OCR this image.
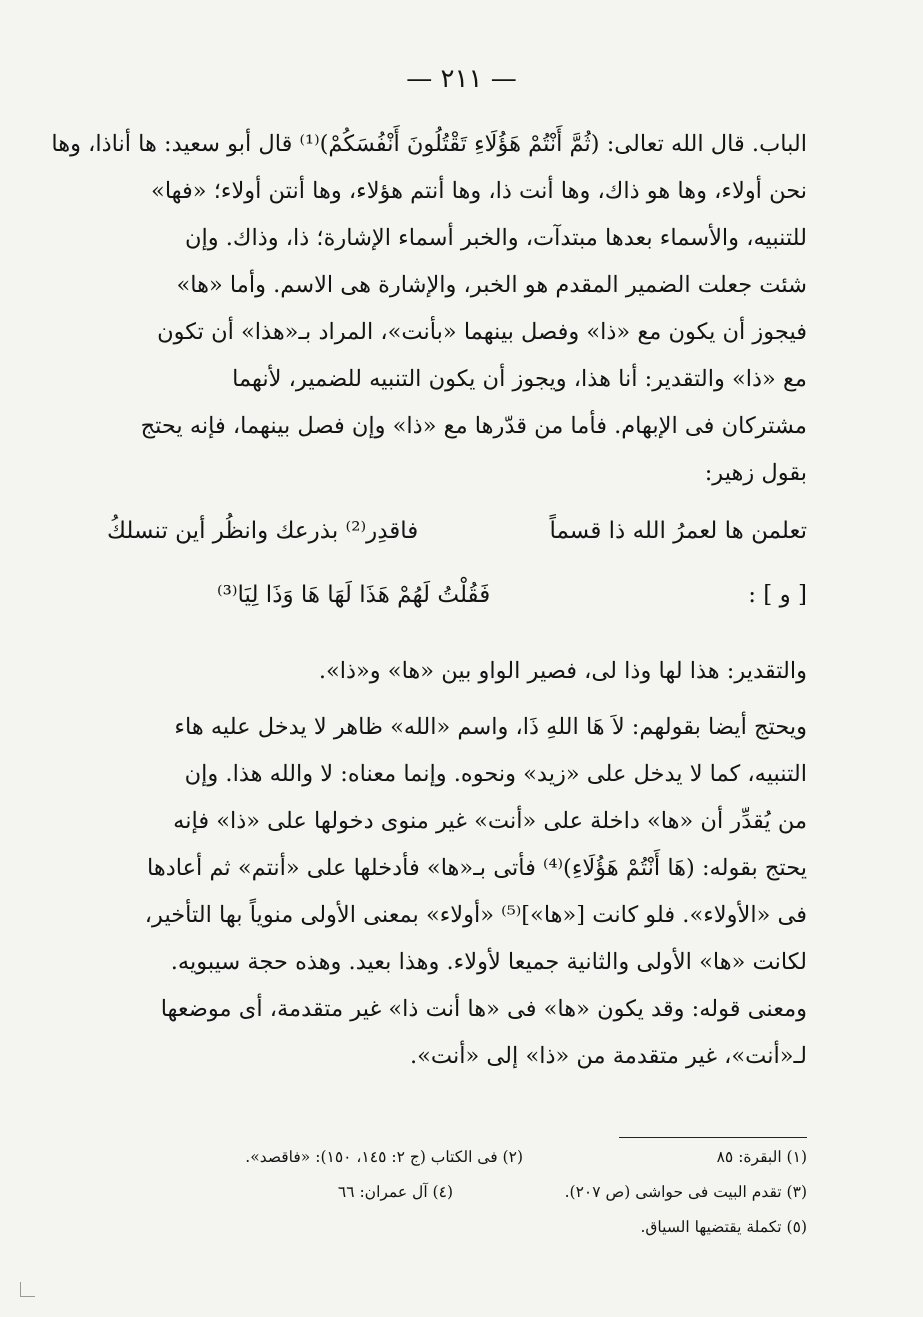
— ٢١١ —
الباب. قال الله تعالى: (ثُمَّ أَنْتُمْ هَؤُلَاءِ تَقْتُلُونَ أَنْفُسَكُمْ)⁽¹⁾ قال أبو سعيد: ها أناذا، وها
نحن أولاء، وها هو ذاك، وها أنت ذا، وها أنتم هؤلاء، وها أنتن أولاء؛ «فها»
للتنبيه، والأسماء بعدها مبتدآت، والخبر أسماء الإشارة؛ ذا، وذاك. وإن
شئت جعلت الضمير المقدم هو الخبر، والإشارة هى الاسم. وأما «ها»
فيجوز أن يكون مع «ذا» وفصل بينهما «بأنت»، المراد بـ«هذا» أن تكون
مع «ذا» والتقدير: أنا هذا، ويجوز أن يكون التنبيه للضمير، لأنهما
مشتركان فى الإبهام. فأما من قدّرها مع «ذا» وإن فصل بينهما، فإنه يحتج
بقول زهير:
تعلمن ها لعمرُ الله ذا قسماً
فاقدِر⁽²⁾ بذرعك وانظُر أين تنسلكُ
[ و ] :
فَقُلْتُ لَهُمْ هَذَا لَهَا هَا وَذَا لِيَا⁽³⁾
والتقدير: هذا لها وذا لى، فصير الواو بين «ها» و«ذا».
ويحتج أيضا بقولهم: لاَ هَا اللهِ ذَا، واسم «الله» ظاهر لا يدخل عليه هاء
التنبيه، كما لا يدخل على «زيد» ونحوه. وإنما معناه: لا والله هذا. وإن
من يُقدِّر أن «ها» داخلة على «أنت» غير منوى دخولها على «ذا» فإنه
يحتج بقوله: (هَا أَنْتُمْ هَؤُلَاءِ)⁽⁴⁾ فأتى بـ«ها» فأدخلها على «أنتم» ثم أعادها
فى «الأولاء». فلو كانت [«ها»]⁽⁵⁾ «أولاء» بمعنى الأولى منوياً بها التأخير،
لكانت «ها» الأولى والثانية جميعا لأولاء. وهذا بعيد. وهذه حجة سيبويه.
ومعنى قوله: وقد يكون «ها» فى «ها أنت ذا» غير متقدمة، أى موضعها
لـ«أنت»، غير متقدمة من «ذا» إلى «أنت».
(١) البقرة: ٨٥
(٢) فى الكتاب (ج ٢: ١٤٥، ١٥٠): «فاقصد».
(٣) تقدم البيت فى حواشى (ص ٢٠٧).
(٤) آل عمران: ٦٦
(٥) تكملة يقتضيها السياق.
